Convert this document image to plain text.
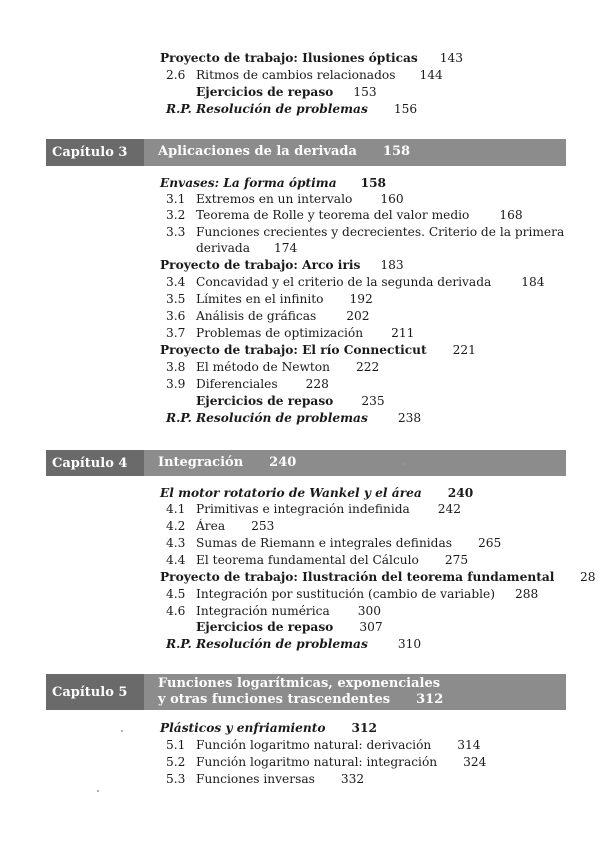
Proyecto de trabajo: Ilusiones ópticas 143
2.6 Ritmos de cambios relacionados 144
Ejercicios de repaso 153
R.P. Resolución de problemas 156
Capítulo 3	Aplicaciones de la derivada 158
Envases: La forma óptima 158
3.1 Extremos en un intervalo 160
3.2 Teorema de Rolle y teorema del valor medio 168
3.3 Funciones crecientes y decrecientes. Criterio de la primera
derivada 174
Proyecto de trabajo: Arco iris 183
3.4 Concavidad y el criterio de la segunda derivada 184
3.5 Límites en el infinito 192
3.6 Análisis de gráficas 202
3.7 Problemas de optimización 211
Proyecto de trabajo: El río Connecticut 221
3.8 El método de Newton 222
3.9 Diferenciales 228
Ejercicios de repaso 235
R.P. Resolución de problemas 238
Capítulo 4	Integración 240
El motor rotatorio de Wankel y el área 240
4.1 Primitivas e integración indefinida 242
4.2 Área 253
4.3 Sumas de Riemann e integrales definidas 265
4.4 El teorema fundamental del Cálculo 275
Proyecto de trabajo: Ilustración del teorema fundamental 28
4.5 Integración por sustitución (cambio de variable) 288
4.6 Integración numérica 300
Ejercicios de repaso 307
R.P. Resolución de problemas 310
Capítulo 5
Funciones logarítmicas, exponenciales
y otras funciones trascendentes 312
Plásticos y enfriamiento 312
5.1 Función logaritmo natural: derivación 314
5.2 Función logaritmo natural: integración 324
5.3 Funciones inversas 332
